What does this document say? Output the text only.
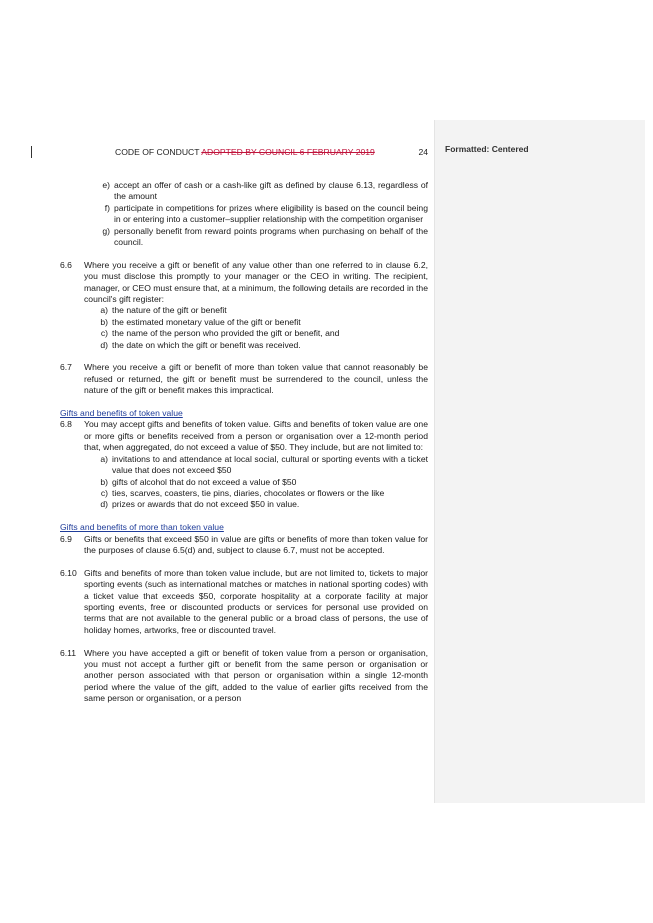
Formatted: Centered
CODE OF CONDUCT ADOPTED BY COUNCIL 6 FEBRUARY 2019	24
e) accept an offer of cash or a cash-like gift as defined by clause 6.13, regardless of the amount
f) participate in competitions for prizes where eligibility is based on the council being in or entering into a customer–supplier relationship with the competition organiser
g) personally benefit from reward points programs when purchasing on behalf of the council.
6.6	Where you receive a gift or benefit of any value other than one referred to in clause 6.2, you must disclose this promptly to your manager or the CEO in writing. The recipient, manager, or CEO must ensure that, at a minimum, the following details are recorded in the council's gift register:
a) the nature of the gift or benefit
b) the estimated monetary value of the gift or benefit
c) the name of the person who provided the gift or benefit, and
d) the date on which the gift or benefit was received.
6.7	Where you receive a gift or benefit of more than token value that cannot reasonably be refused or returned, the gift or benefit must be surrendered to the council, unless the nature of the gift or benefit makes this impractical.
Gifts and benefits of token value
6.8	You may accept gifts and benefits of token value. Gifts and benefits of token value are one or more gifts or benefits received from a person or organisation over a 12-month period that, when aggregated, do not exceed a value of $50. They include, but are not limited to:
a) invitations to and attendance at local social, cultural or sporting events with a ticket value that does not exceed $50
b) gifts of alcohol that do not exceed a value of $50
c) ties, scarves, coasters, tie pins, diaries, chocolates or flowers or the like
d) prizes or awards that do not exceed $50 in value.
Gifts and benefits of more than token value
6.9	Gifts or benefits that exceed $50 in value are gifts or benefits of more than token value for the purposes of clause 6.5(d) and, subject to clause 6.7, must not be accepted.
6.10 Gifts and benefits of more than token value include, but are not limited to, tickets to major sporting events (such as international matches or matches in national sporting codes) with a ticket value that exceeds $50, corporate hospitality at a corporate facility at major sporting events, free or discounted products or services for personal use provided on terms that are not available to the general public or a broad class of persons, the use of holiday homes, artworks, free or discounted travel.
6.11 Where you have accepted a gift or benefit of token value from a person or organisation, you must not accept a further gift or benefit from the same person or organisation or another person associated with that person or organisation within a single 12-month period where the value of the gift, added to the value of earlier gifts received from the same person or organisation, or a person
